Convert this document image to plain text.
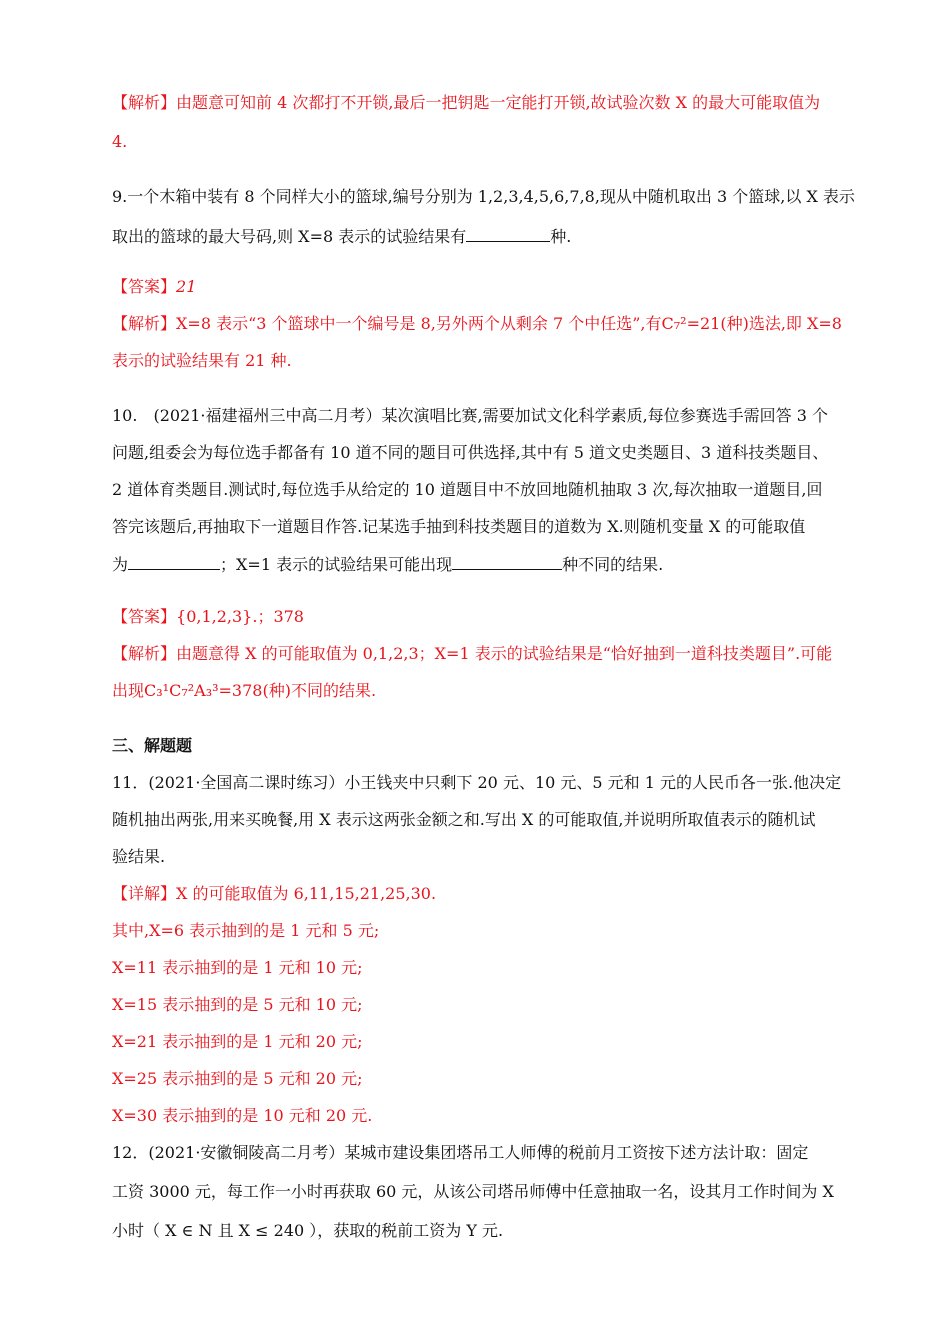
【解析】由题意可知前 4 次都打不开锁,最后一把钥匙一定能打开锁,故试验次数 X 的最大可能取值为
4.
9.一个木箱中装有 8 个同样大小的篮球,编号分别为 1,2,3,4,5,6,7,8,现从中随机取出 3 个篮球,以 X 表示
取出的篮球的最大号码,则 X=8 表示的试验结果有	种.
【答案】21
【解析】X=8 表示“3 个篮球中一个编号是 8,另外两个从剩余 7 个中任选”,有C₇²=21(种)选法,即 X=8
表示的试验结果有 21 种.
10.　(2021·福建福州三中高二月考）某次演唱比赛,需要加试文化科学素质,每位参赛选手需回答 3 个
问题,组委会为每位选手都备有 10 道不同的题目可供选择,其中有 5 道文史类题目、3 道科技类题目、
2 道体育类题目.测试时,每位选手从给定的 10 道题目中不放回地随机抽取 3 次,每次抽取一道题目,回
答完该题后,再抽取下一道题目作答.记某选手抽到科技类题目的道数为 X.则随机变量 X 的可能取值
为	；X=1 表示的试验结果可能出现	种不同的结果.
【答案】{0,1,2,3}.；378
【解析】由题意得 X 的可能取值为 0,1,2,3；X=1 表示的试验结果是“恰好抽到一道科技类题目”.可能
出现C₃¹C₇²A₃³=378(种)不同的结果.
三、解题题
11．(2021·全国高二课时练习）小王钱夹中只剩下 20 元、10 元、5 元和 1 元的人民币各一张.他决定
随机抽出两张,用来买晚餐,用 X 表示这两张金额之和.写出 X 的可能取值,并说明所取值表示的随机试
验结果.
【详解】X 的可能取值为 6,11,15,21,25,30.
其中,X=6 表示抽到的是 1 元和 5 元;
X=11 表示抽到的是 1 元和 10 元;
X=15 表示抽到的是 5 元和 10 元;
X=21 表示抽到的是 1 元和 20 元;
X=25 表示抽到的是 5 元和 20 元;
X=30 表示抽到的是 10 元和 20 元.
12．(2021·安徽铜陵高二月考）某城市建设集团塔吊工人师傅的税前月工资按下述方法计取：固定
工资 3000 元，每工作一小时再获取 60 元，从该公司塔吊师傅中任意抽取一名，设其月工作时间为 X
小时（ X ∈ N 且 X ≤ 240 ），获取的税前工资为 Y 元.
